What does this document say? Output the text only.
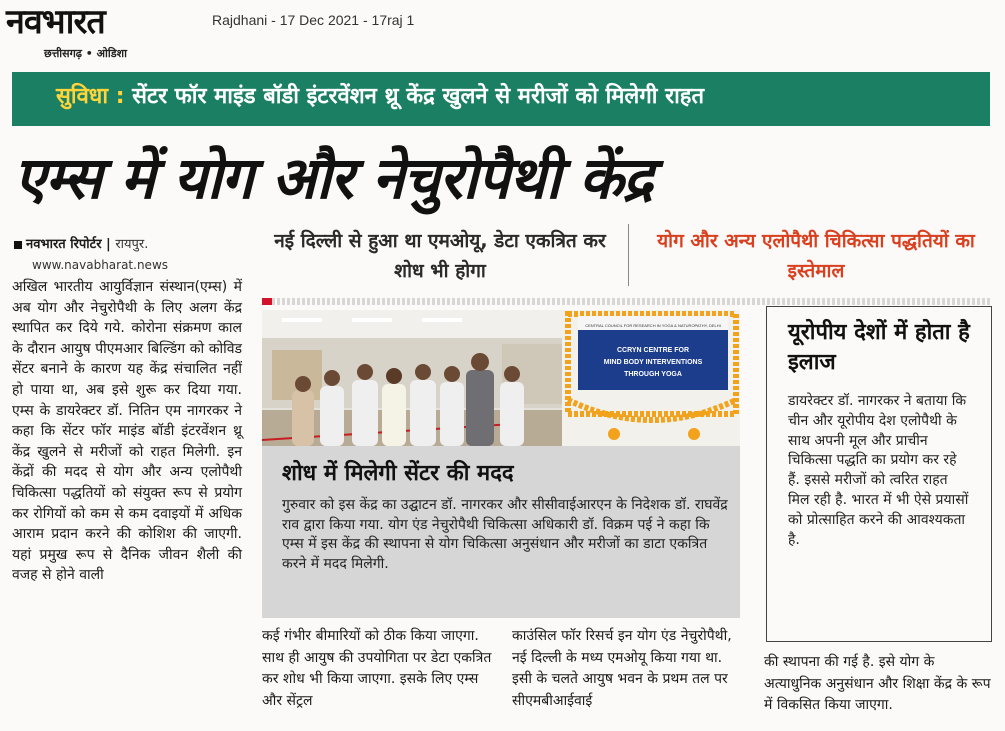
नवभारत
छत्तीसगढ़ • ओडिशा
Rajdhani - 17 Dec 2021 - 17raj 1
सुविधा : सेंटर फॉर माइंड बॉडी इंटरवेंशन थ्रू केंद्र खुलने से मरीजों को मिलेगी राहत
एम्स में योग और नेचुरोपैथी केंद्र
नवभारत रिपोर्टर | रायपुर.
www.navabharat.news
अखिल भारतीय आयुर्विज्ञान संस्थान(एम्स) में अब योग और नेचुरोपैथी के लिए अलग केंद्र स्थापित कर दिये गये. कोरोना संक्रमण काल के दौरान आयुष पीएमआर बिल्डिंग को कोविड सेंटर बनाने के कारण यह केंद्र संचालित नहीं हो पाया था, अब इसे शुरू कर दिया गया. एम्स के डायरेक्टर डॉ. नितिन एम नागरकर ने कहा कि सेंटर फॉर माइंड बॉडी इंटरवेंशन थ्रू केंद्र खुलने से मरीजों को राहत मिलेगी. इन केंद्रों की मदद से योग और अन्य एलोपैथी चिकित्सा पद्धतियों को संयुक्त रूप से प्रयोग कर रोगियों को कम से कम दवाइयों में अधिक आराम प्रदान करने की कोशिश की जाएगी. यहां प्रमुख रूप से दैनिक जीवन शैली की वजह से होने वाली
नई दिल्ली से हुआ था एमओयू, डेटा एकत्रित कर शोध भी होगा
योग और अन्य एलोपैथी चिकित्सा पद्धतियों का इस्तेमाल
CENTRAL COUNCIL FOR RESEARCH IN YOGA & NATUROPATHY, DELHI
CCRYN CENTRE FOR
MIND BODY INTERVENTIONS
THROUGH YOGA
शोध में मिलेगी सेंटर की मदद
गुरुवार को इस केंद्र का उद्घाटन डॉ. नागरकर और सीसीवाईआरएन के निदेशक डॉ. राघवेंद्र राव द्वारा किया गया. योग एंड नेचुरोपैथी चिकित्सा अधिकारी डॉ. विक्रम पई ने कहा कि एम्स में इस केंद्र की स्थापना से योग चिकित्सा अनुसंधान और मरीजों का डाटा एकत्रित करने में मदद मिलेगी.
यूरोपीय देशों में होता है इलाज
डायरेक्टर डॉ. नागरकर ने बताया कि चीन और यूरोपीय देश एलोपैथी के साथ अपनी मूल और प्राचीन चिकित्सा पद्धति का प्रयोग कर रहे हैं. इससे मरीजों को त्वरित राहत मिल रही है. भारत में भी ऐसे प्रयासों को प्रोत्साहित करने की आवश्यकता है.
कई गंभीर बीमारियों को ठीक किया जाएगा. साथ ही आयुष की उपयोगिता पर डेटा एकत्रित कर शोध भी किया जाएगा. इसके लिए एम्स और सेंट्रल
काउंसिल फॉर रिसर्च इन योग एंड नेचुरोपैथी, नई दिल्ली के मध्य एमओयू किया गया था. इसी के चलते आयुष भवन के प्रथम तल पर सीएमबीआईवाई
की स्थापना की गई है. इसे योग के अत्याधुनिक अनुसंधान और शिक्षा केंद्र के रूप में विकसित किया जाएगा.
